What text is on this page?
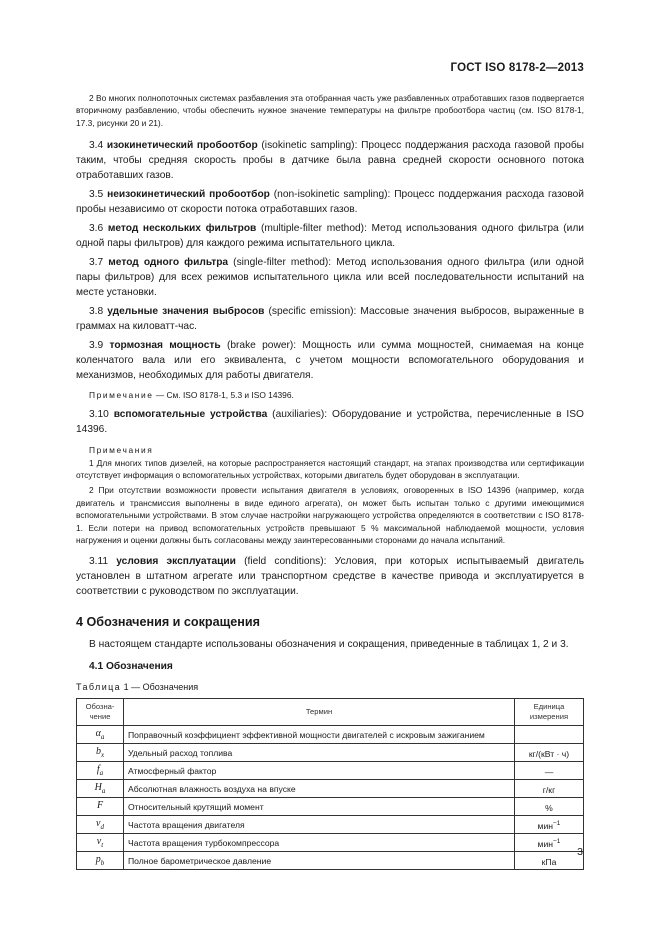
ГОСТ ISO 8178-2—2013

2 Во многих полнопоточных системах разбавления эта отобранная часть уже разбавленных отработавших газов подвергается вторичному разбавлению, чтобы обеспечить нужное значение температуры на фильтре пробоотбора частиц (см. ISO 8178-1, 17.3, рисунки 20 и 21).

3.4 изокинетический пробоотбор (isokinetic sampling): Процесс поддержания расхода газовой пробы таким, чтобы средняя скорость пробы в датчике была равна средней скорости основного потока отработавших газов.

3.5 неизокинетический пробоотбор (non-isokinetic sampling): Процесс поддержания расхода газовой пробы независимо от скорости потока отработавших газов.

3.6 метод нескольких фильтров (multiple-filter method): Метод использования одного фильтра (или одной пары фильтров) для каждого режима испытательного цикла.

3.7 метод одного фильтра (single-filter method): Метод использования одного фильтра (или одной пары фильтров) для всех режимов испытательного цикла или всей последовательности испытаний на месте установки.

3.8 удельные значения выбросов (specific emission): Массовые значения выбросов, выраженные в граммах на киловатт-час.

3.9 тормозная мощность (brake power): Мощность или сумма мощностей, снимаемая на конце коленчатого вала или его эквивалента, с учетом мощности вспомогательного оборудования и механизмов, необходимых для работы двигателя.

Примечание — См. ISO 8178-1, 5.3 и ISO 14396.

3.10 вспомогательные устройства (auxiliaries): Оборудование и устройства, перечисленные в ISO 14396.

Примечания

1 Для многих типов дизелей, на которые распространяется настоящий стандарт, на этапах производства или сертификации отсутствует информация о вспомогательных устройствах, которыми двигатель будет оборудован в эксплуатации.

2 При отсутствии возможности провести испытания двигателя в условиях, оговоренных в ISO 14396 (например, когда двигатель и трансмиссия выполнены в виде единого агрегата), он может быть испытан только с другими имеющимися вспомогательными устройствами. В этом случае настройки нагружающего устройства определяются в соответствии с ISO 8178-1. Если потери на привод вспомогательных устройств превышают 5 % максимальной наблюдаемой мощности, условия нагружения и оценки должны быть согласованы между заинтересованными сторонами до начала испытаний.

3.11 условия эксплуатации (field conditions): Условия, при которых испытываемый двигатель установлен в штатном агрегате или транспортном средстве в качестве привода и эксплуатируется в соответствии с руководством по эксплуатации.

4 Обозначения и сокращения

В настоящем стандарте использованы обозначения и сокращения, приведенные в таблицах 1, 2 и 3.

4.1 Обозначения
Таблица 1 — Обозначения
Обозна-
чение	Термин	Единица
измерения
$\alpha_a$	Поправочный коэффициент эффективной мощности двигателей с искровым зажиганием	
$b_x$	Удельный расход топлива	кг/(кВт · ч)
$f_a$	Атмосферный фактор	—
$H_a$	Абсолютная влажность воздуха на впуске	г/кг
F	Относительный крутящий момент	%
$v_d$	Частота вращения двигателя	мин$^{-1}$
$v_t$	Частота вращения турбокомпрессора	мин$^{-1}$
$p_b$	Полное барометрическое давление	кПа
3
